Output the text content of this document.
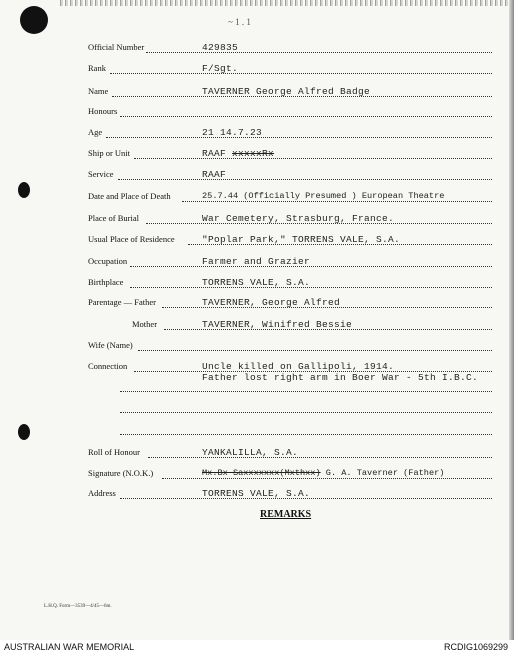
~ 1 . 1
Official Number	429835
Rank	F/Sgt.
Name	TAVERNER George Alfred Badge
Honours
Age	21 14.7.23
Ship or Unit	RAAF xxxxxRx
Service	RAAF
Date and Place of Death	25.7.44 (Officially Presumed ) European Theatre
Place of Burial	War Cemetery, Strasburg, France.
Usual Place of Residence	"Poplar Park," TORRENS VALE, S.A.
Occupation	Farmer and Grazier
Birthplace	TORRENS VALE, S.A.
Parentage — Father	TAVERNER, George Alfred
Mother	TAVERNER, Winifred Bessie
Wife (Name)
Connection	Uncle killed on Gallipoli, 1914.
Father lost right arm in Boer War - 5th I.B.C.
Roll of Honour	YANKALILLA, S.A.
Signature (N.O.K.)	Mx.Bx Saxxxxxxx(Mxthxx) G. A. Taverner (Father)
Address	TORRENS VALE, S.A.
REMARKS
L.H.Q. Form—3539—4/45—6m.
AUSTRALIAN WAR MEMORIAL	RCDIG1069299
